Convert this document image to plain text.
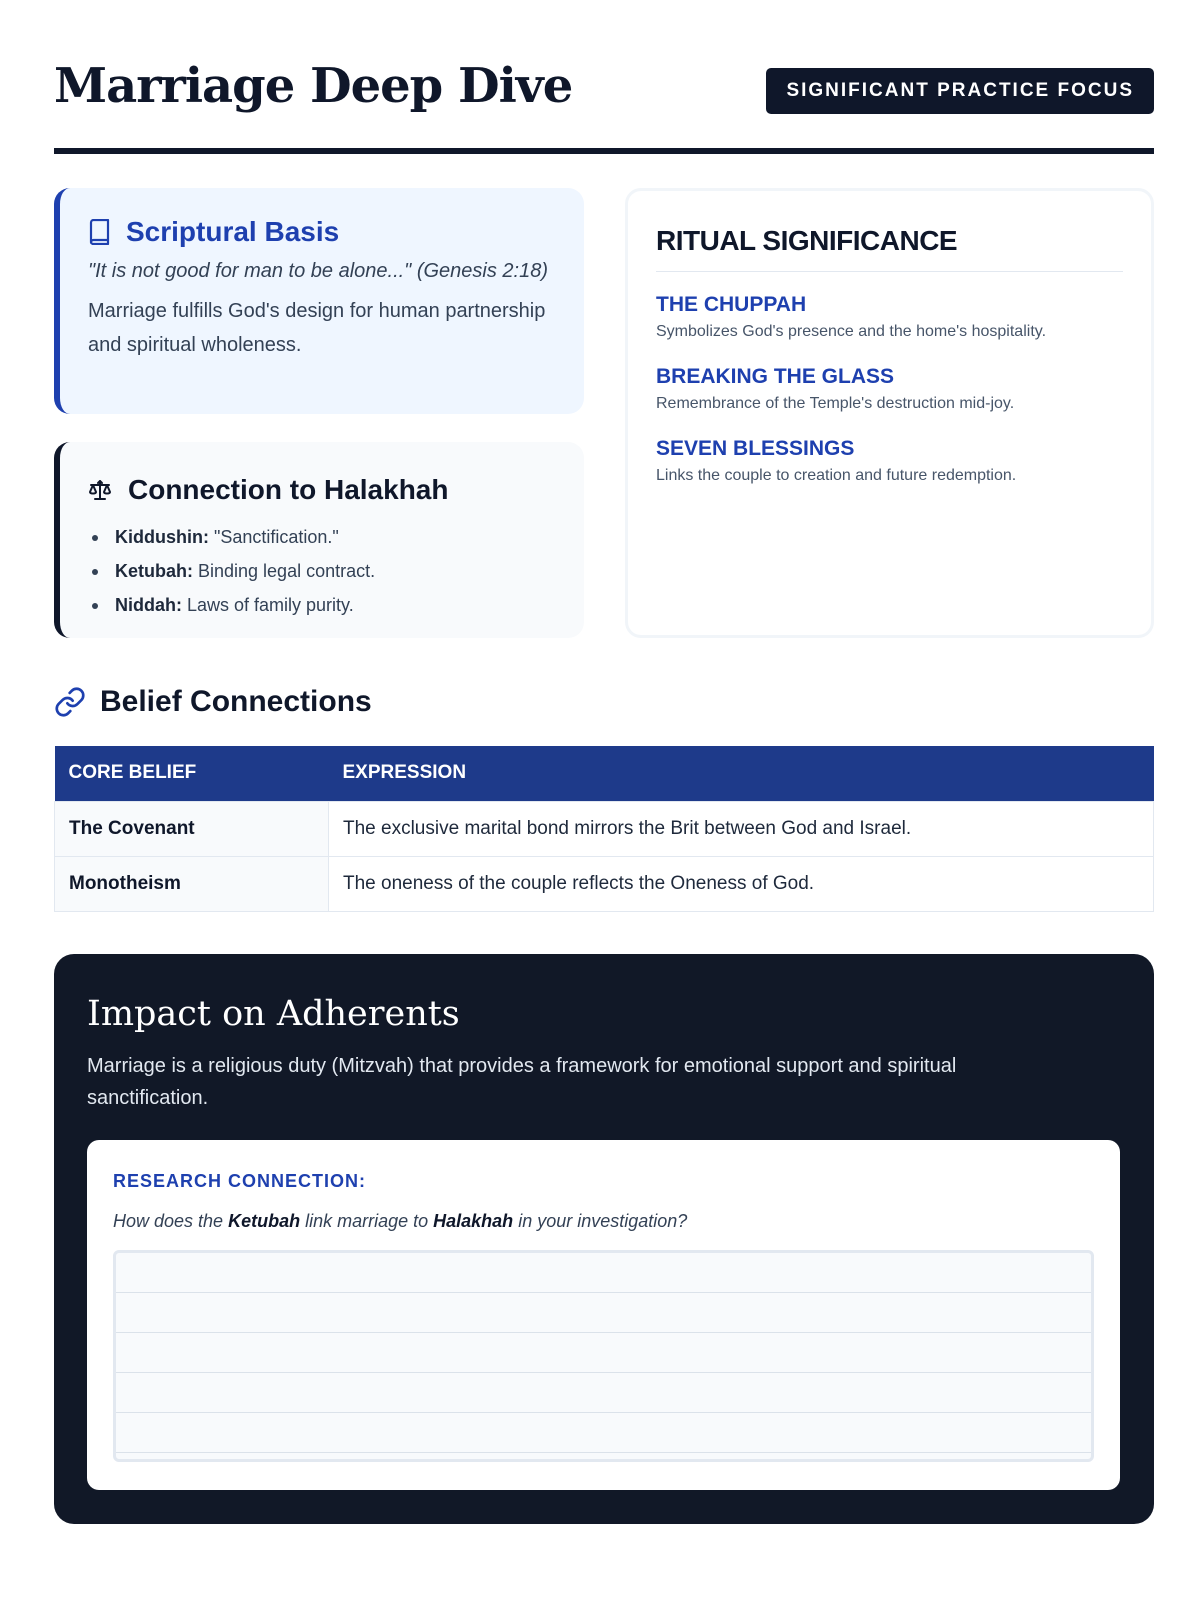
Marriage Deep Dive	SIGNIFICANT PRACTICE FOCUS
Scriptural Basis

"It is not good for man to be alone..." (Genesis 2:18)

Marriage fulfills God's design for human partnership and spiritual wholeness.

Connection to Halakhah
Kiddushin: "Sanctification."
Ketubah: Binding legal contract.
Niddah: Laws of family purity.
RITUAL SIGNIFICANCE
THE CHUPPAH
Symbolizes God's presence and the home's hospitality.
BREAKING THE GLASS
Remembrance of the Temple's destruction mid-joy.
SEVEN BLESSINGS
Links the couple to creation and future redemption.
Belief Connections
CORE BELIEF	EXPRESSION
The Covenant	The exclusive marital bond mirrors the Brit between God and Israel.
Monotheism	The oneness of the couple reflects the Oneness of God.
Impact on Adherents

Marriage is a religious duty (Mitzvah) that provides a framework for emotional support and spiritual sanctification.

RESEARCH CONNECTION:

How does the Ketubah link marriage to Halakhah in your investigation?
